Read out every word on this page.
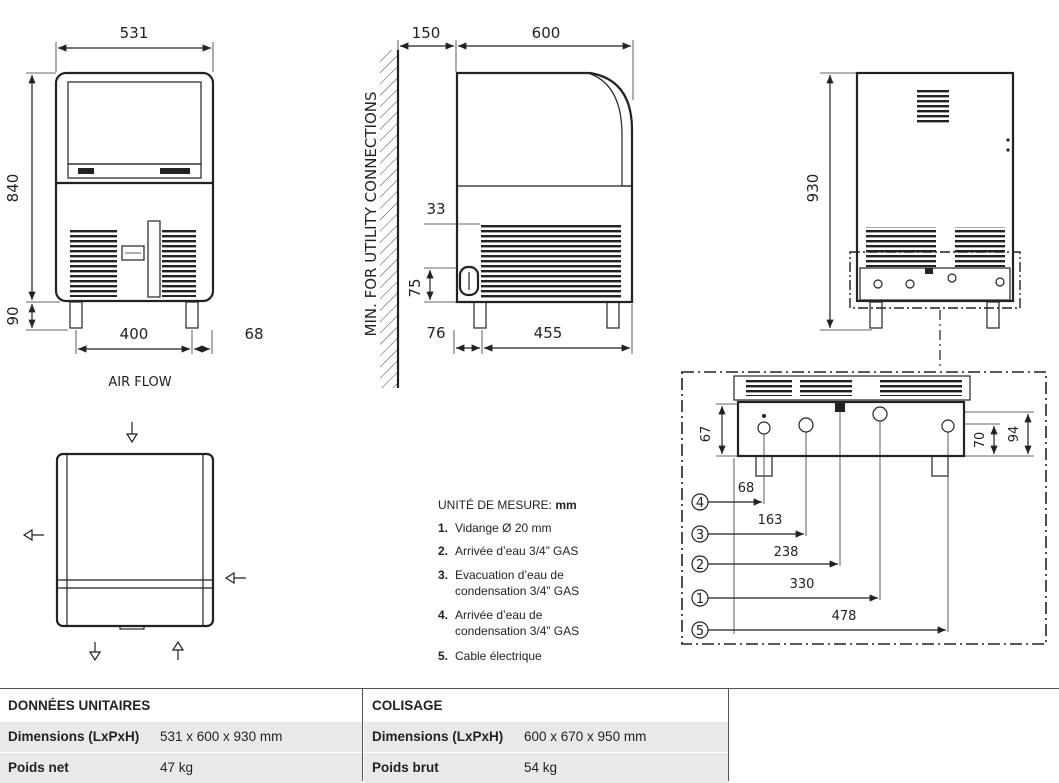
531
840
90
400	68
AIR FLOW
MIN. FOR UTILITY CONNECTIONS
150	600
33
75
76	455
930
67	70 94
4
68
3
163
2
238
1
330
5
478
UNITÉ DE MESURE: mm
1. Vidange Ø 20 mm
2. Arrivée d’eau 3/4” GAS
3. Evacuation d’eau de
condensation 3/4” GAS
4. Arrivée d’eau de
condensation 3/4” GAS
5. Cable électrique
DONNÉES UNITAIRES
Dimensions (LxPxH) 531 x 600 x 930 mm
Poids net	47 kg
COLISAGE
Dimensions (LxPxH) 600 x 670 x 950 mm
Poids brut	54 kg
